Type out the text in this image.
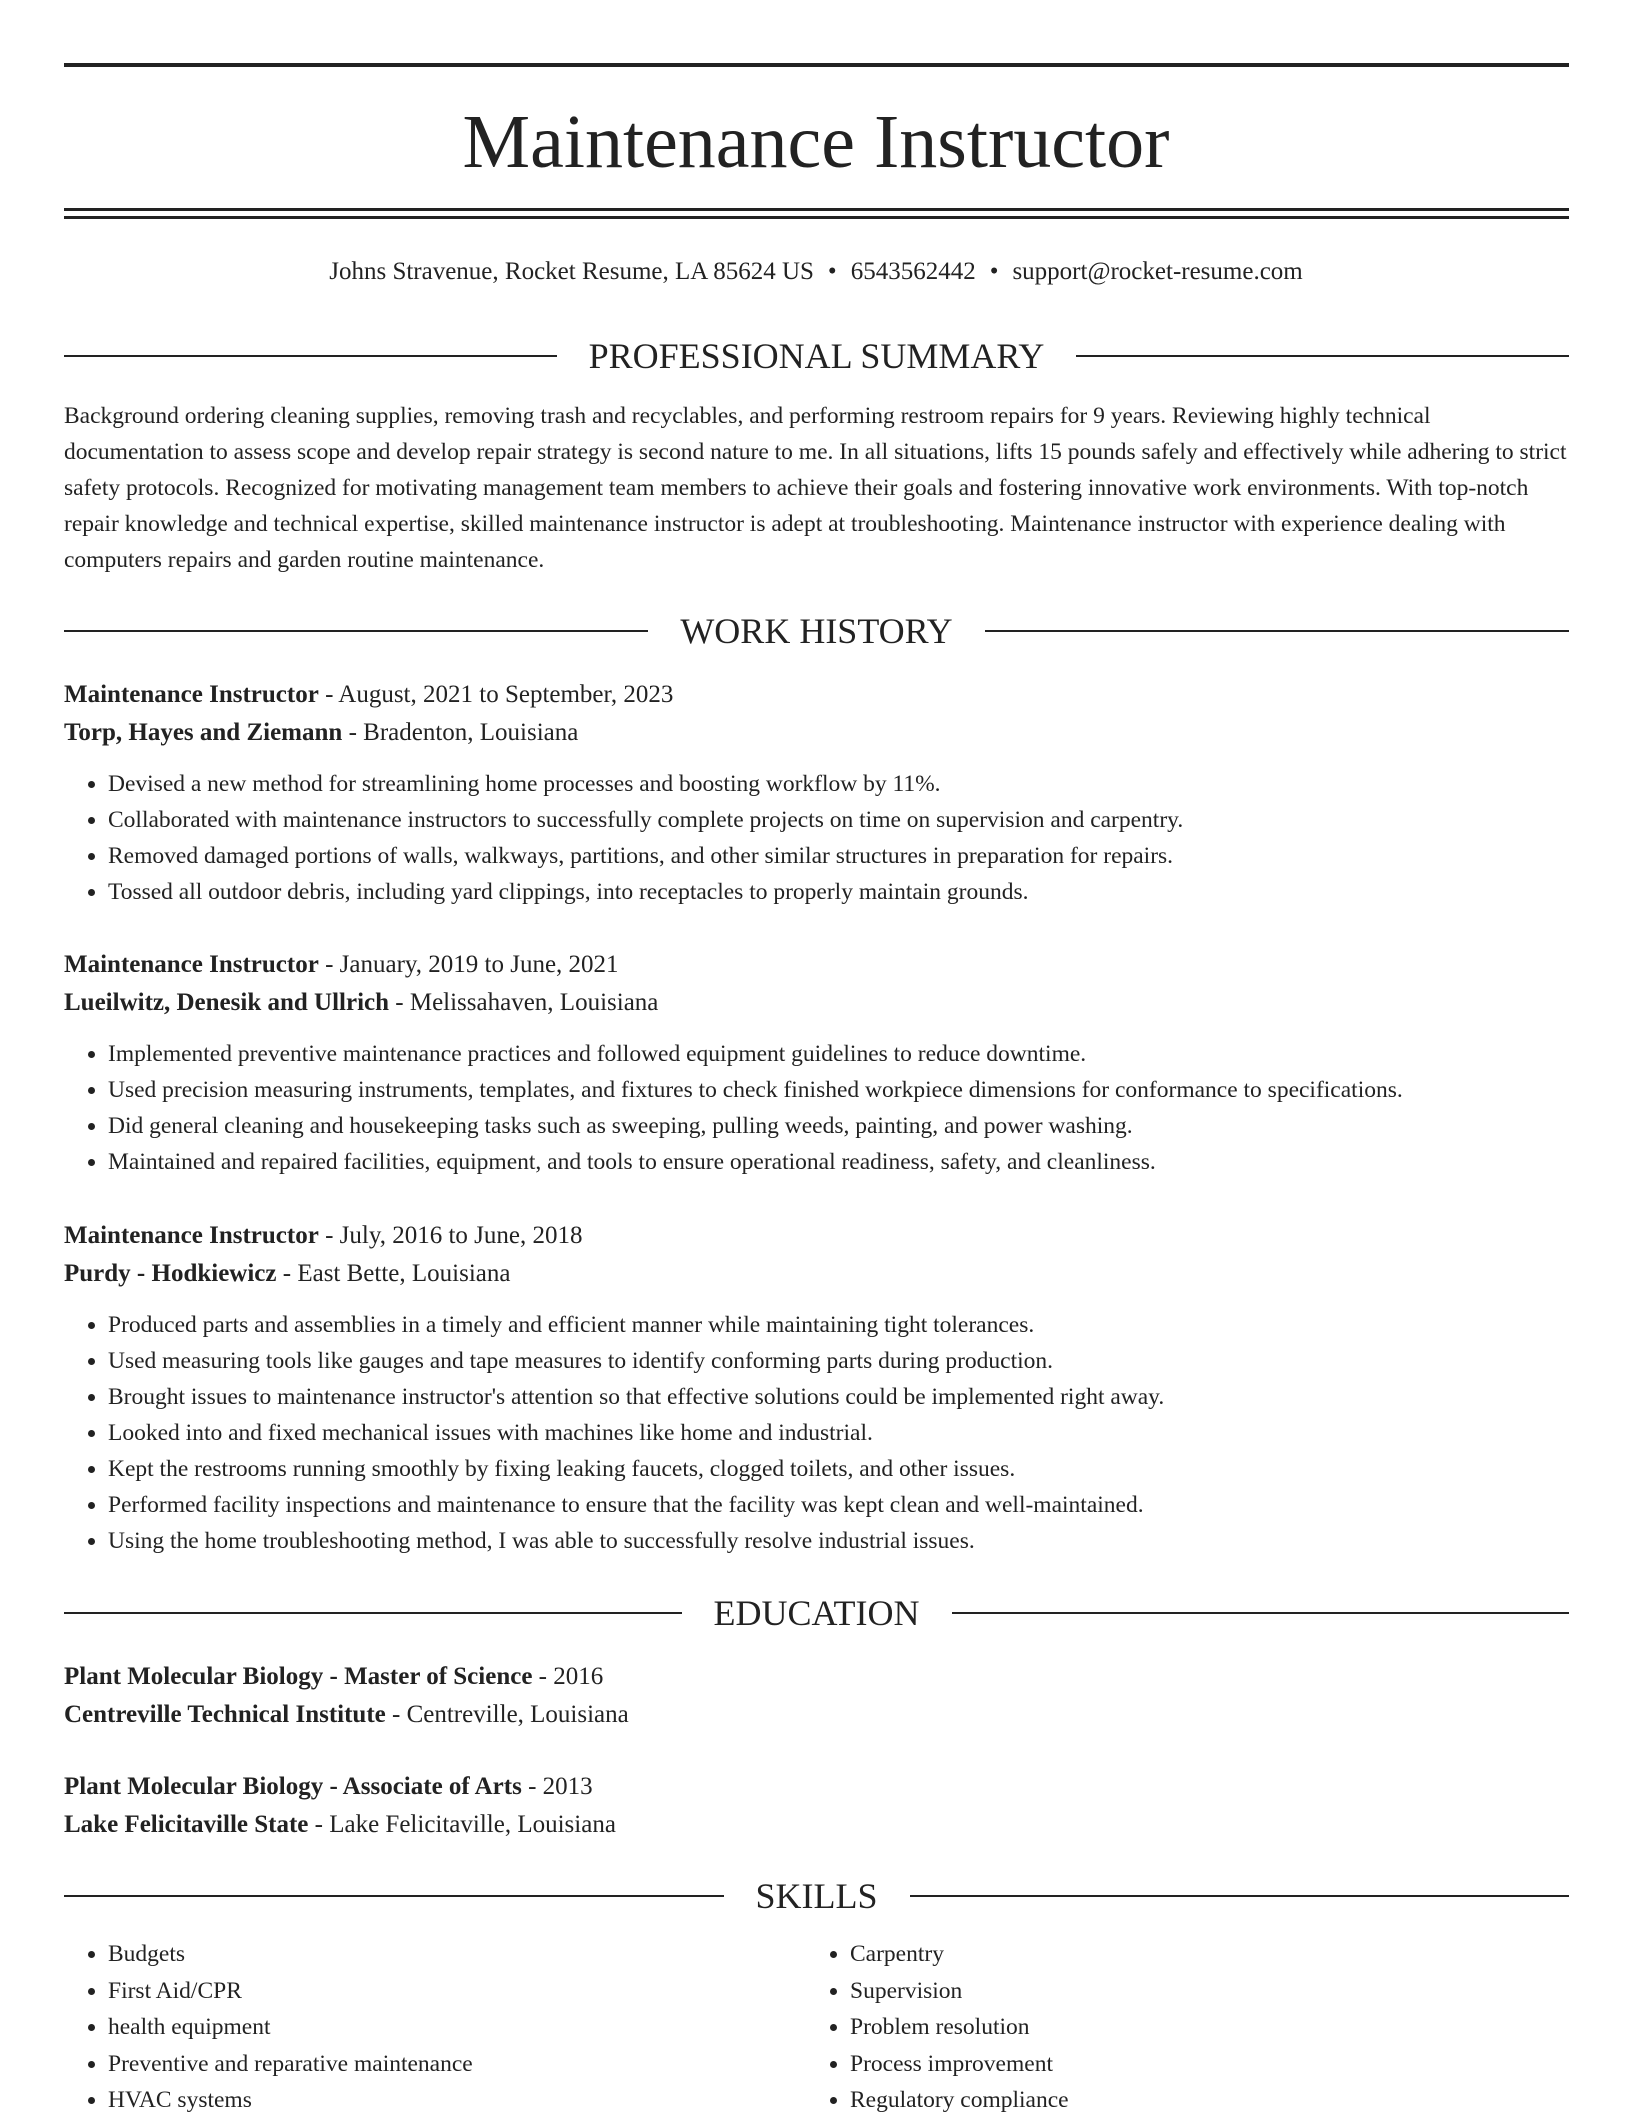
Maintenance Instructor
Johns Stravenue, Rocket Resume, LA 85624 US • 6543562442 • support@rocket-resume.com
PROFESSIONAL SUMMARY

Background ordering cleaning supplies, removing trash and recyclables, and performing restroom repairs for 9 years. Reviewing highly technical documentation to assess scope and develop repair strategy is second nature to me. In all situations, lifts 15 pounds safely and effectively while adhering to strict safety protocols. Recognized for motivating management team members to achieve their goals and fostering innovative work environments. With top-notch repair knowledge and technical expertise, skilled maintenance instructor is adept at troubleshooting. Maintenance instructor with experience dealing with computers repairs and garden routine maintenance.

WORK HISTORY
Maintenance Instructor - August, 2021 to September, 2023
Torp, Hayes and Ziemann - Bradenton, Louisiana
• Devised a new method for streamlining home processes and boosting workflow by 11%.
• Collaborated with maintenance instructors to successfully complete projects on time on supervision and carpentry.
• Removed damaged portions of walls, walkways, partitions, and other similar structures in preparation for repairs.
• Tossed all outdoor debris, including yard clippings, into receptacles to properly maintain grounds.
Maintenance Instructor - January, 2019 to June, 2021
Lueilwitz, Denesik and Ullrich - Melissahaven, Louisiana
• Implemented preventive maintenance practices and followed equipment guidelines to reduce downtime.
• Used precision measuring instruments, templates, and fixtures to check finished workpiece dimensions for conformance to specifications.
• Did general cleaning and housekeeping tasks such as sweeping, pulling weeds, painting, and power washing.
• Maintained and repaired facilities, equipment, and tools to ensure operational readiness, safety, and cleanliness.
Maintenance Instructor - July, 2016 to June, 2018
Purdy - Hodkiewicz - East Bette, Louisiana
• Produced parts and assemblies in a timely and efficient manner while maintaining tight tolerances.
• Used measuring tools like gauges and tape measures to identify conforming parts during production.
• Brought issues to maintenance instructor's attention so that effective solutions could be implemented right away.
• Looked into and fixed mechanical issues with machines like home and industrial.
• Kept the restrooms running smoothly by fixing leaking faucets, clogged toilets, and other issues.
• Performed facility inspections and maintenance to ensure that the facility was kept clean and well-maintained.
• Using the home troubleshooting method, I was able to successfully resolve industrial issues.
EDUCATION
Plant Molecular Biology - Master of Science - 2016
Centreville Technical Institute - Centreville, Louisiana
Plant Molecular Biology - Associate of Arts - 2013
Lake Felicitaville State - Lake Felicitaville, Louisiana
SKILLS
• Budgets
• First Aid/CPR
• health equipment
• Preventive and reparative maintenance
• HVAC systems
• Carpentry
• Supervision
• Problem resolution
• Process improvement
• Regulatory compliance
